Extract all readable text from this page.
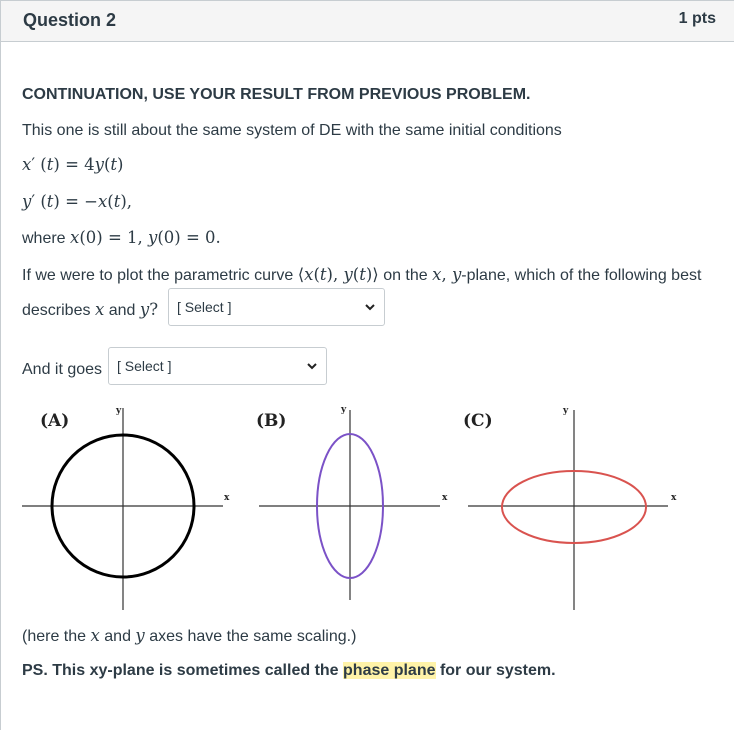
Question 2	1 pts
CONTINUATION, USE YOUR RESULT FROM PREVIOUS PROBLEM.
This one is still about the same system of DE with the same initial conditions
x′ (t) = 4y(t)
y′ (t) = −x(t),
where x(0) = 1, y(0) = 0.
If we were to plot the parametric curve ⟨x(t), y(t)⟩ on the x, y-plane, which of the following best
describes x and y? [ Select ]
And it goes [ Select ]
y
x
y
x
y
x
(A)	(B)	(C)
(here the x and y axes have the same scaling.)
PS. This xy-plane is sometimes called the phase plane for our system.
